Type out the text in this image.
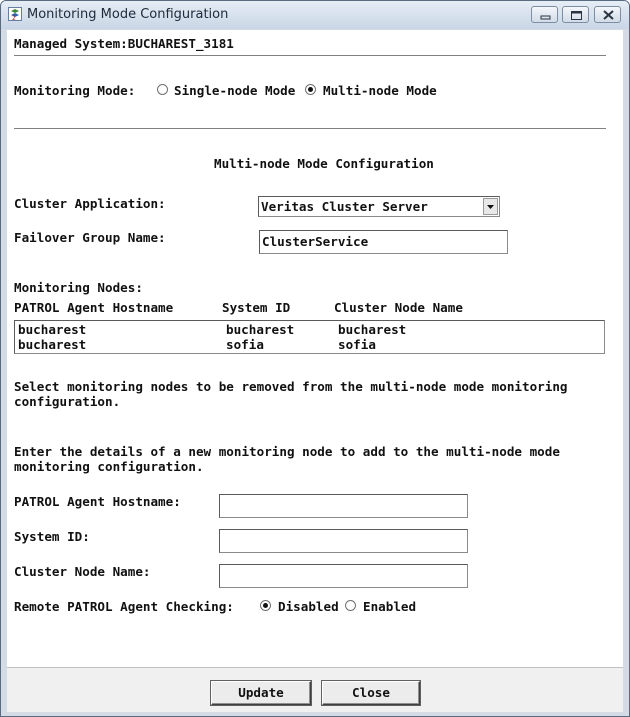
2 Monitoring Mode Configuration
Managed System:BUCHAREST_3181
Monitoring Mode:	Single-node Mode Multi-node Mode
Multi-node Mode Configuration
Cluster Application:	Veritas Cluster Server
Failover Group Name:	ClusterService
Monitoring Nodes:
PATROL Agent Hostname	System ID	Cluster Node Name
bucharest	bucharest	bucharest
bucharest	sofia	sofia
Select monitoring nodes to be removed from the multi-node mode monitoring
configuration.
Enter the details of a new monitoring node to add to the multi-node mode
monitoring configuration.
PATROL Agent Hostname:
System ID:
Cluster Node Name:
Remote PATROL Agent Checking:	Disabled Enabled
Update	Close
